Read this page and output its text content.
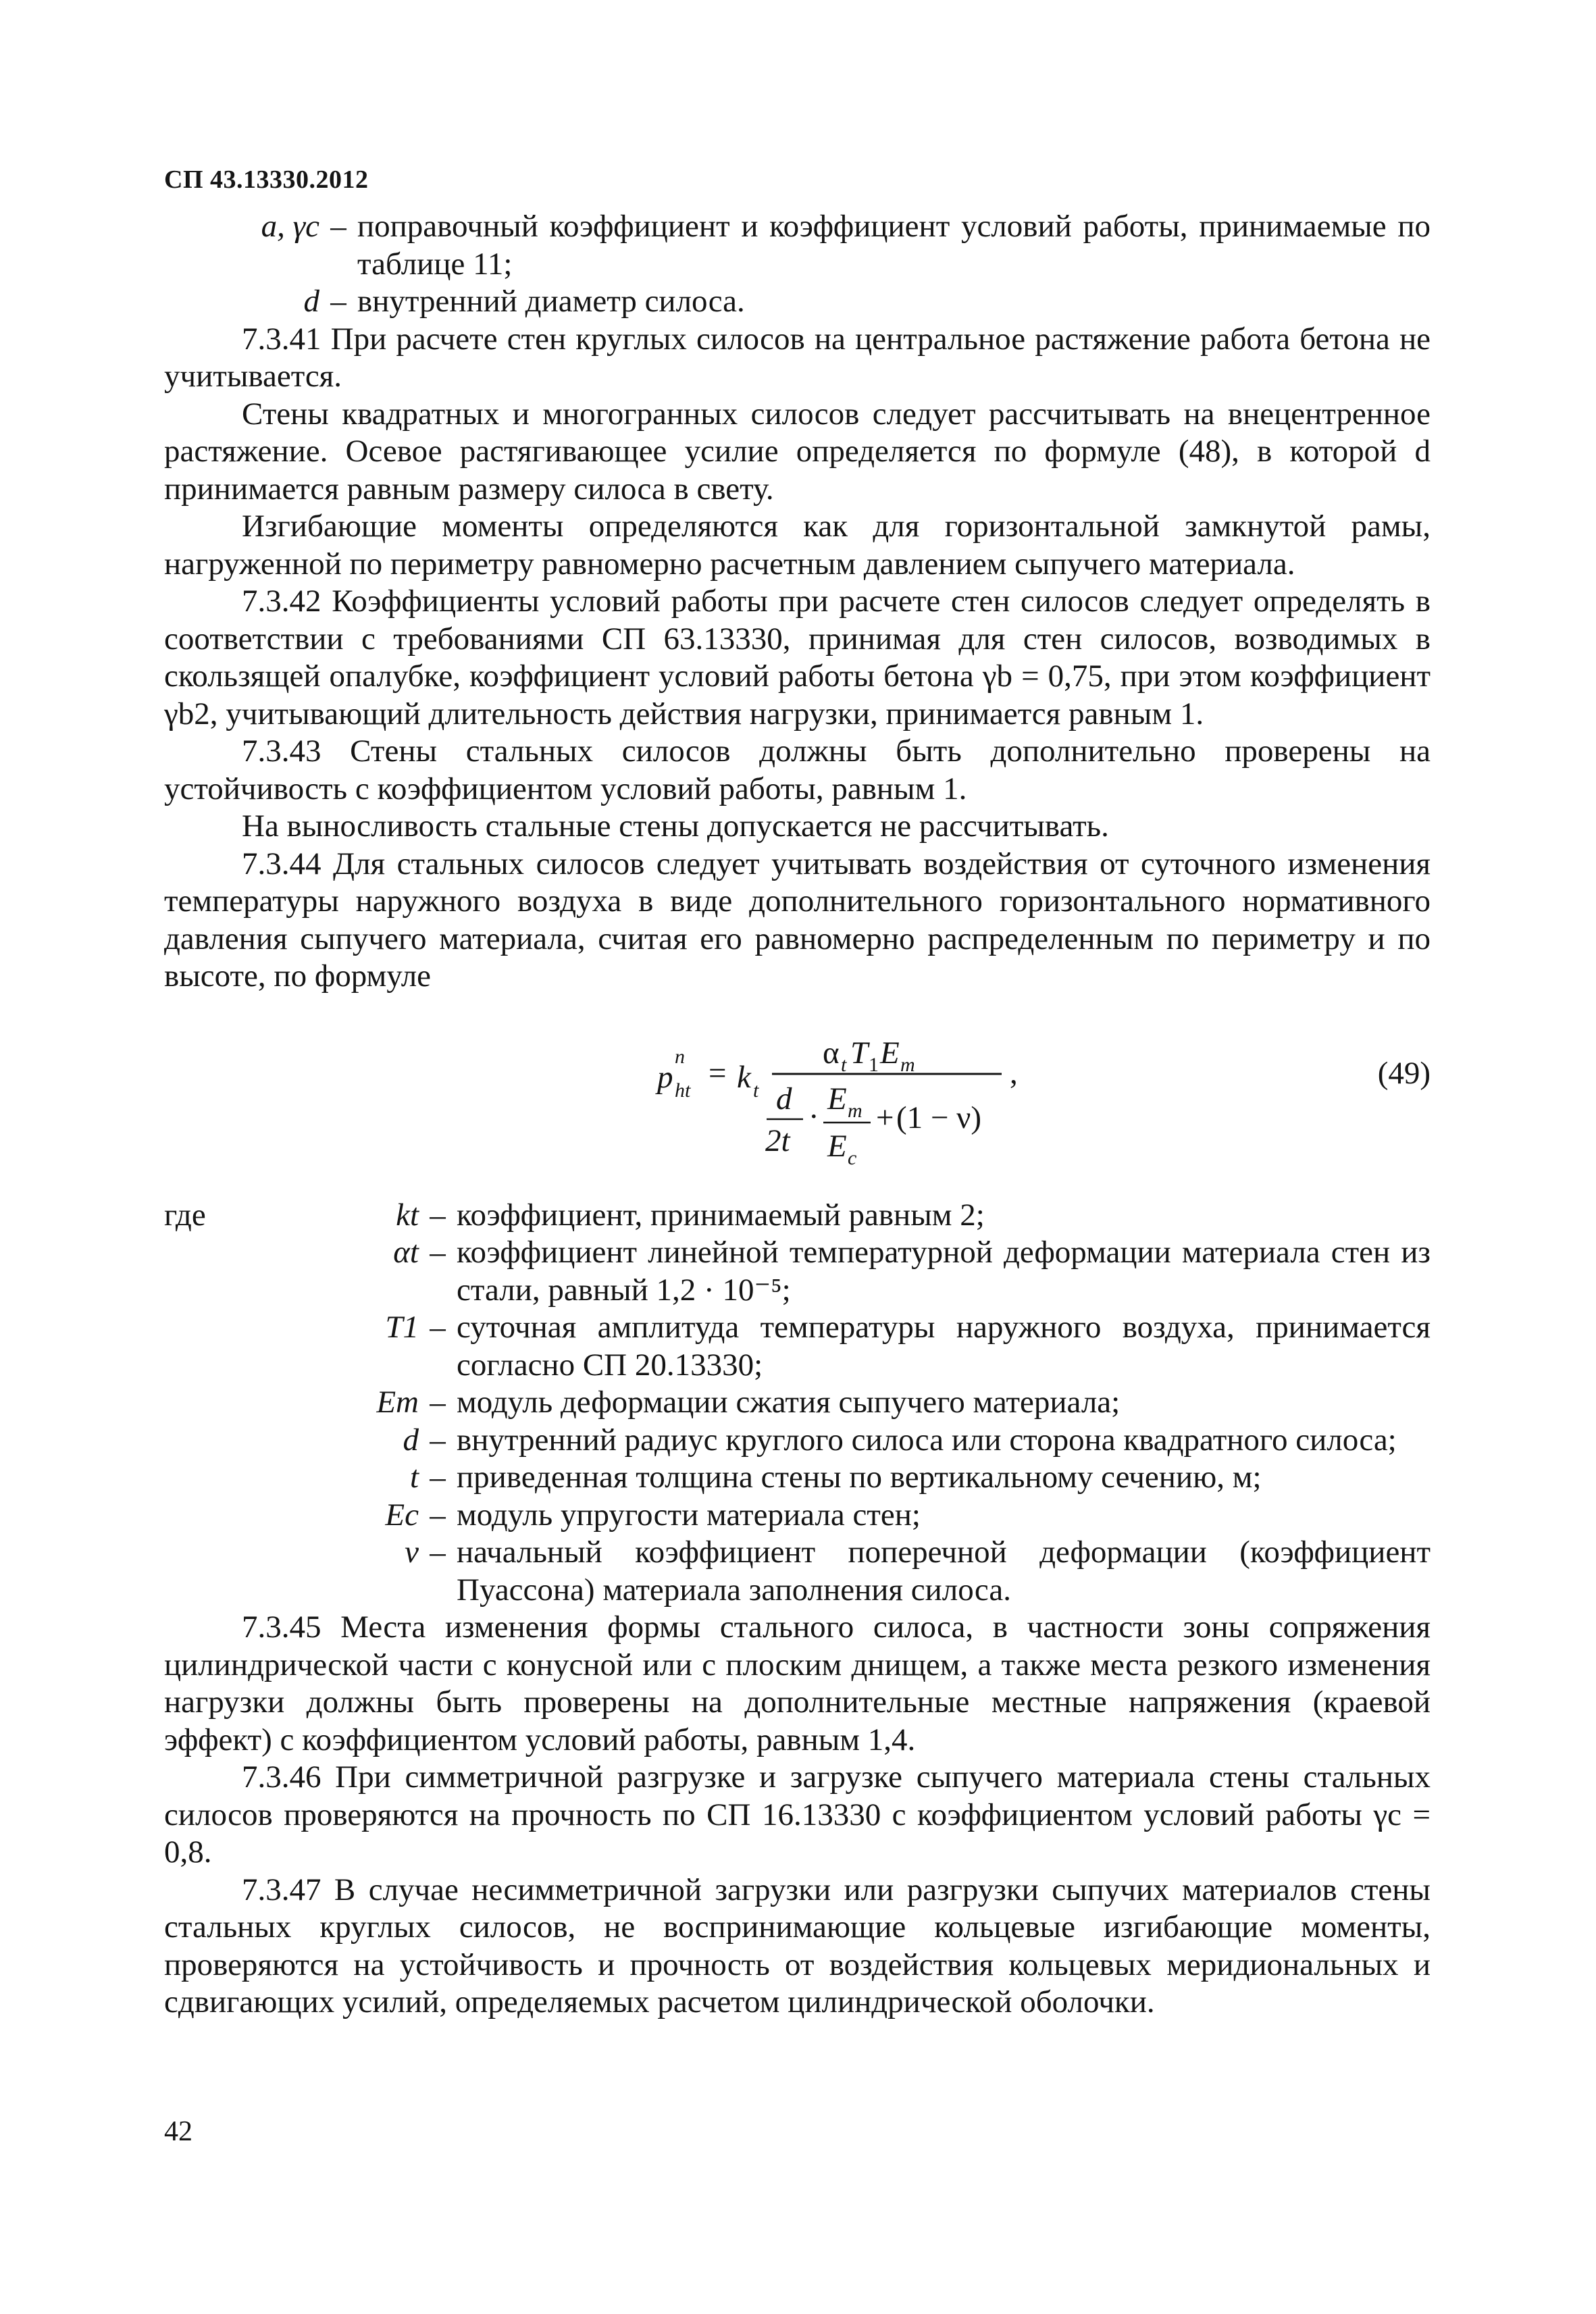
СП 43.13330.2012
a, γc – поправочный коэффициент и коэффициент условий работы, принимаемые по таблице 11;
d – внутренний диаметр силоса.

7.3.41 При расчете стен круглых силосов на центральное растяжение работа бетона не учитывается.

Стены квадратных и многогранных силосов следует рассчитывать на внецентренное растяжение. Осевое растягивающее усилие определяется по формуле (48), в которой d принимается равным размеру силоса в свету.

Изгибающие моменты определяются как для горизонтальной замкнутой рамы, нагруженной по периметру равномерно расчетным давлением сыпучего материала.

7.3.42 Коэффициенты условий работы при расчете стен силосов следует определять в соответствии с требованиями СП 63.13330, принимая для стен силосов, возводимых в скользящей опалубке, коэффициент условий работы бетона γb = 0,75, при этом коэффициент γb2, учитывающий длительность действия нагрузки, принимается равным 1.

7.3.43 Стены стальных силосов должны быть дополнительно проверены на устойчивость с коэффициентом условий работы, равным 1.

На выносливость стальные стены допускается не рассчитывать.

7.3.44 Для стальных силосов следует учитывать воздействия от суточного изменения температуры наружного воздуха в виде дополнительного горизонтального нормативного давления сыпучего материала, считая его равномерно распределенным по периметру и по высоте, по формуле

p
n
ht = k t
α t T 1 E m
d
2t
· E m
E c
+ (1 − ν)
,	(49)
где	kt – коэффициент, принимаемый равным 2;
αt – коэффициент линейной температурной деформации материала стен из стали, равный 1,2 · 10⁻⁵;
T1 – суточная амплитуда температуры наружного воздуха, принимается согласно СП 20.13330;
Em – модуль деформации сжатия сыпучего материала;
d – внутренний радиус круглого силоса или сторона квадратного силоса;
t – приведенная толщина стены по вертикальному сечению, м;
Ec – модуль упругости материала стен;
ν – начальный коэффициент поперечной деформации (коэффициент Пуассона) материала заполнения силоса.

7.3.45 Места изменения формы стального силоса, в частности зоны сопряжения цилиндрической части с конусной или с плоским днищем, а также места резкого изменения нагрузки должны быть проверены на дополнительные местные напряжения (краевой эффект) с коэффициентом условий работы, равным 1,4.

7.3.46 При симметричной разгрузке и загрузке сыпучего материала стены стальных силосов проверяются на прочность по СП 16.13330 с коэффициентом условий работы γc = 0,8.

7.3.47 В случае несимметричной загрузки или разгрузки сыпучих материалов стены стальных круглых силосов, не воспринимающие кольцевые изгибающие моменты, проверяются на устойчивость и прочность от воздействия кольцевых меридиональных и сдвигающих усилий, определяемых расчетом цилиндрической оболочки.

42
